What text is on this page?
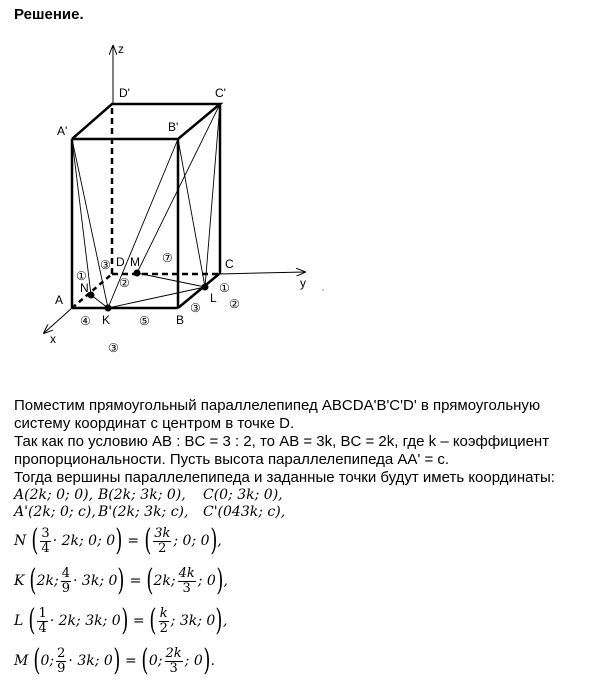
Решение.
z
y
x
D'	C'
A'	B'
A
B
C
D
N
K
L
M
①
③
②
⑦
④	⑤
③
③
①
②

Поместим прямоугольный параллелепипед ABCDA'B'C'D' в прямоугольную систему координат с центром в точке D.

Так как по условию AB : BC = 3 : 2, то AB = 3k, BC = 2k, где k – коэффициент пропорциональности. Пусть высота параллелепипеда AA' = c.

Тогда вершины параллелепипеда и заданные точки будут иметь координаты:

A(2k; 0; 0), B(2k; 3k; 0), C(0; 3k; 0),
A'(2k; 0; c), B'(2k; 3k; c), C'(043k; c),
N
( $\frac{3}{4} \cdot 2k$; 0; 0 )
=
( $\frac{3k}{2}$ ; 0; 0 ) ,
K
( 2k; $\frac{4}{9} \cdot 3k$; 0 )
=
( 2k; $\frac{4k}{3}$ ; 0 ) ,
L
( $\frac{1}{4} \cdot 2k$; 3k; 0 )
=
( $\frac{k}{2}$ ; 3k; 0 ) ,
M
( 0; $\frac{2}{9} \cdot 3k$; 0 )
=
( 0; $\frac{2k}{3}$ ; 0 ) .
